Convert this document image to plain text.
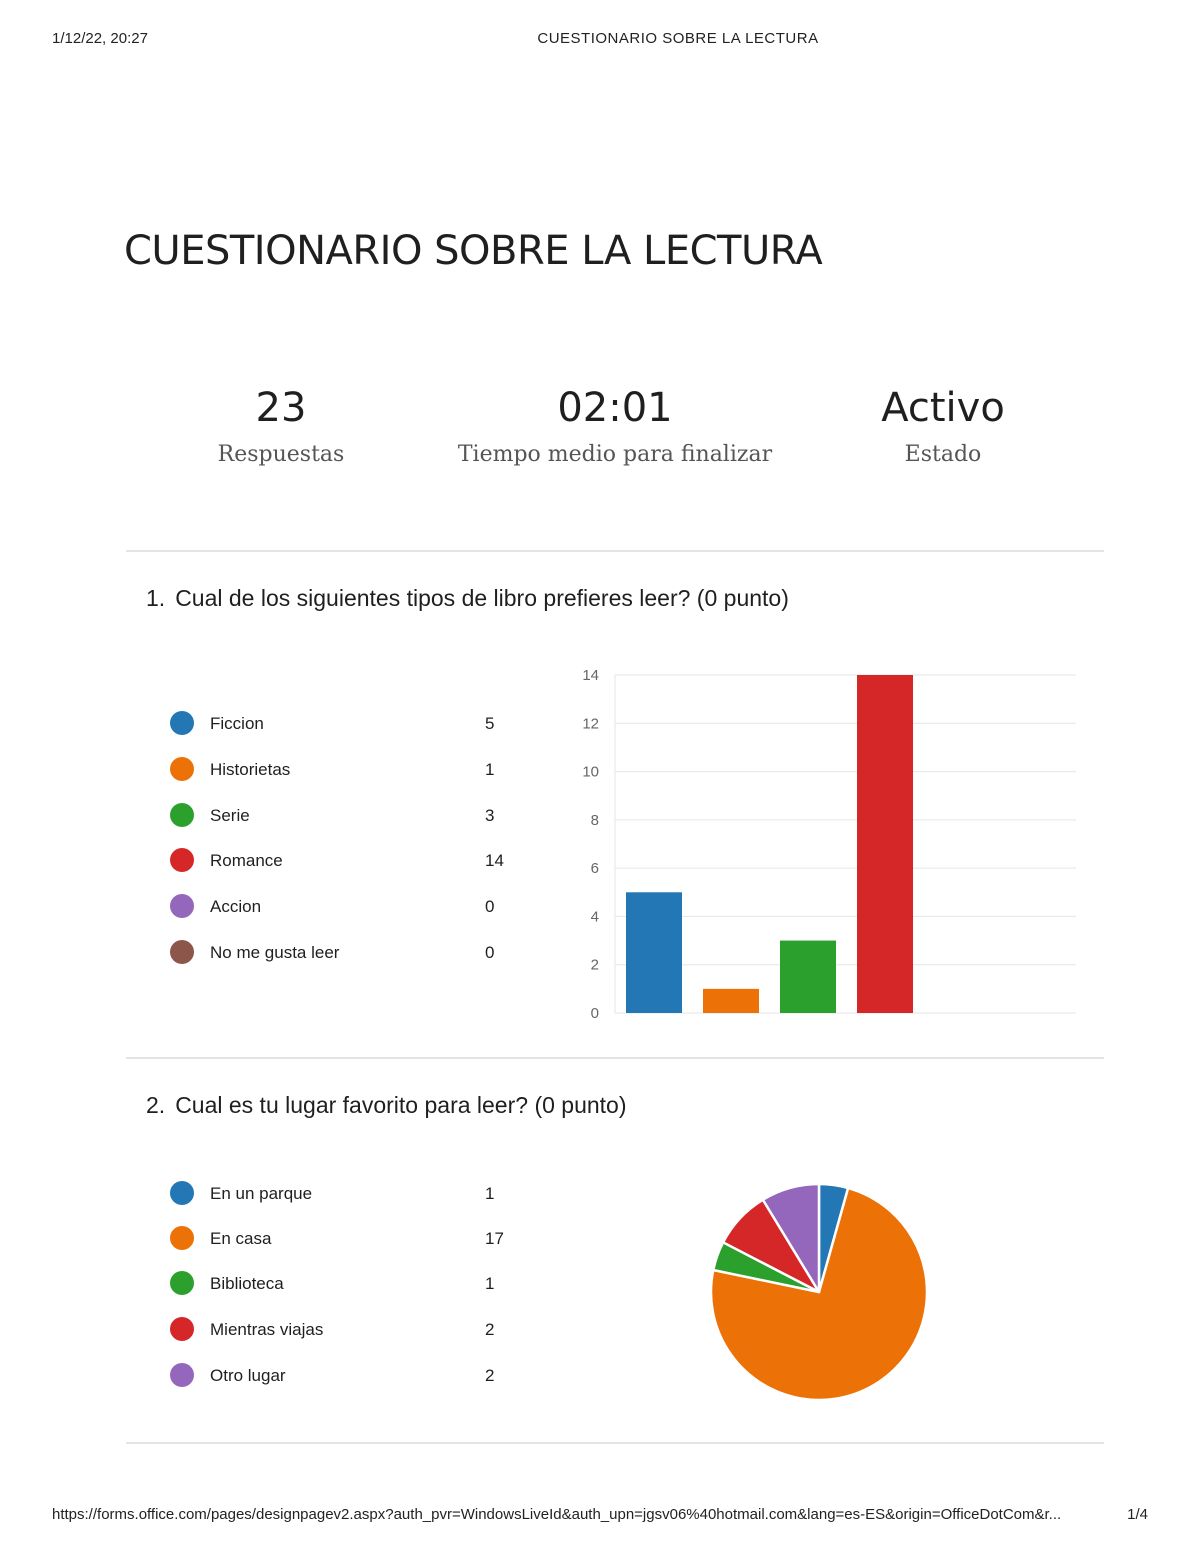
1/12/22, 20:27	CUESTIONARIO SOBRE LA LECTURA
CUESTIONARIO SOBRE LA LECTURA
23
Respuestas
02:01
Tiempo medio para finalizar
Activo
Estado
1. Cual de los siguientes tipos de libro prefieres leer? (0 punto)
Ficcion	5
Historietas	1
Serie	3
Romance	14
Accion	0
No me gusta leer	0
0
2
4
6
8
10
12
14
2. Cual es tu lugar favorito para leer? (0 punto)
En un parque	1
En casa	17
Biblioteca	1
Mientras viajas	2
Otro lugar	2
https://forms.office.com/pages/designpagev2.aspx?auth_pvr=WindowsLiveId&auth_upn=jgsv06%40hotmail.com&lang=es-ES&origin=OfficeDotCom&r...	1/4
